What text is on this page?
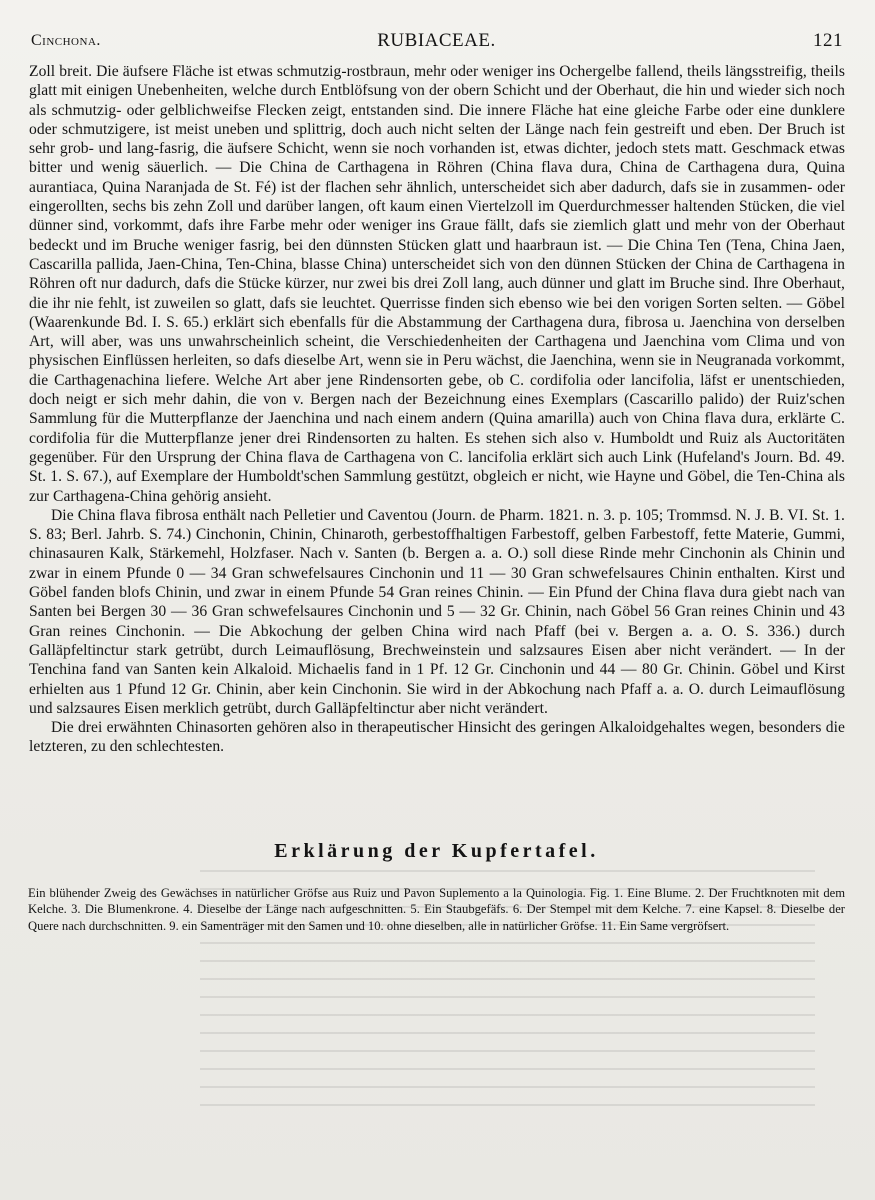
Cinchona.	RUBIACEAE.	121

Zoll breit. Die äufsere Fläche ist etwas schmutzig-rostbraun, mehr oder weniger ins Ochergelbe fallend, theils längsstreifig, theils glatt mit einigen Unebenheiten, welche durch Entblöfsung von der obern Schicht und der Oberhaut, die hin und wieder sich noch als schmutzig- oder gelblichweifse Flecken zeigt, entstanden sind. Die innere Fläche hat eine gleiche Farbe oder eine dunklere oder schmutzigere, ist meist uneben und splittrig, doch auch nicht selten der Länge nach fein gestreift und eben. Der Bruch ist sehr grob- und lang-fasrig, die äufsere Schicht, wenn sie noch vorhanden ist, etwas dichter, jedoch stets matt. Geschmack etwas bitter und wenig säuerlich. — Die China de Carthagena in Röhren (China flava dura, China de Carthagena dura, Quina aurantiaca, Quina Naranjada de St. Fé) ist der flachen sehr ähnlich, unterscheidet sich aber dadurch, dafs sie in zusammen- oder eingerollten, sechs bis zehn Zoll und darüber langen, oft kaum einen Viertelzoll im Querdurchmesser haltenden Stücken, die viel dünner sind, vorkommt, dafs ihre Farbe mehr oder weniger ins Graue fällt, dafs sie ziemlich glatt und mehr von der Oberhaut bedeckt und im Bruche weniger fasrig, bei den dünnsten Stücken glatt und haarbraun ist. — Die China Ten (Tena, China Jaen, Cascarilla pallida, Jaen-China, Ten-China, blasse China) unterscheidet sich von den dünnen Stücken der China de Carthagena in Röhren oft nur dadurch, dafs die Stücke kürzer, nur zwei bis drei Zoll lang, auch dünner und glatt im Bruche sind. Ihre Oberhaut, die ihr nie fehlt, ist zuweilen so glatt, dafs sie leuchtet. Querrisse finden sich ebenso wie bei den vorigen Sorten selten. — Göbel (Waarenkunde Bd. I. S. 65.) erklärt sich ebenfalls für die Abstammung der Carthagena dura, fibrosa u. Jaenchina von derselben Art, will aber, was uns unwahrscheinlich scheint, die Verschiedenheiten der Carthagena und Jaenchina vom Clima und von physischen Einflüssen herleiten, so dafs dieselbe Art, wenn sie in Peru wächst, die Jaenchina, wenn sie in Neugranada vorkommt, die Carthagenachina liefere. Welche Art aber jene Rindensorten gebe, ob C. cordifolia oder lancifolia, läfst er unentschieden, doch neigt er sich mehr dahin, die von v. Bergen nach der Bezeichnung eines Exemplars (Cascarillo palido) der Ruiz'schen Sammlung für die Mutterpflanze der Jaenchina und nach einem andern (Quina amarilla) auch von China flava dura, erklärte C. cordifolia für die Mutterpflanze jener drei Rindensorten zu halten. Es stehen sich also v. Humboldt und Ruiz als Auctoritäten gegenüber. Für den Ursprung der China flava de Carthagena von C. lancifolia erklärt sich auch Link (Hufeland's Journ. Bd. 49. St. 1. S. 67.), auf Exemplare der Humboldt'schen Sammlung gestützt, obgleich er nicht, wie Hayne und Göbel, die Ten-China als zur Carthagena-China gehörig ansieht.

Die China flava fibrosa enthält nach Pelletier und Caventou (Journ. de Pharm. 1821. n. 3. p. 105; Trommsd. N. J. B. VI. St. 1. S. 83; Berl. Jahrb. S. 74.) Cinchonin, Chinin, Chinaroth, gerbestoffhaltigen Farbestoff, gelben Farbestoff, fette Materie, Gummi, chinasauren Kalk, Stärkemehl, Holzfaser. Nach v. Santen (b. Bergen a. a. O.) soll diese Rinde mehr Cinchonin als Chinin und zwar in einem Pfunde 0 — 34 Gran schwefelsaures Cinchonin und 11 — 30 Gran schwefelsaures Chinin enthalten. Kirst und Göbel fanden blofs Chinin, und zwar in einem Pfunde 54 Gran reines Chinin. — Ein Pfund der China flava dura giebt nach van Santen bei Bergen 30 — 36 Gran schwefelsaures Cinchonin und 5 — 32 Gr. Chinin, nach Göbel 56 Gran reines Chinin und 43 Gran reines Cinchonin. — Die Abkochung der gelben China wird nach Pfaff (bei v. Bergen a. a. O. S. 336.) durch Galläpfeltinctur stark getrübt, durch Leimauflösung, Brechweinstein und salzsaures Eisen aber nicht verändert. — In der Tenchina fand van Santen kein Alkaloid. Michaelis fand in 1 Pf. 12 Gr. Cinchonin und 44 — 80 Gr. Chinin. Göbel und Kirst erhielten aus 1 Pfund 12 Gr. Chinin, aber kein Cinchonin. Sie wird in der Abkochung nach Pfaff a. a. O. durch Leimauflösung und salzsaures Eisen merklich getrübt, durch Galläpfeltinctur aber nicht verändert.

Die drei erwähnten Chinasorten gehören also in therapeutischer Hinsicht des geringen Alkaloidgehaltes wegen, besonders die letzteren, zu den schlechtesten.

Erklärung der Kupfertafel.

Ein blühender Zweig des Gewächses in natürlicher Gröfse aus Ruiz und Pavon Suplemento a la Quinologia. Fig. 1. Eine Blume. 2. Der Fruchtknoten mit dem Kelche. 3. Die Blumenkrone. 4. Dieselbe der Länge nach aufgeschnitten. 5. Ein Staubgefäfs. 6. Der Stempel mit dem Kelche. 7. eine Kapsel. 8. Dieselbe der Quere nach durchschnitten. 9. ein Samenträger mit den Samen und 10. ohne dieselben, alle in natürlicher Gröfse. 11. Ein Same vergröfsert.
